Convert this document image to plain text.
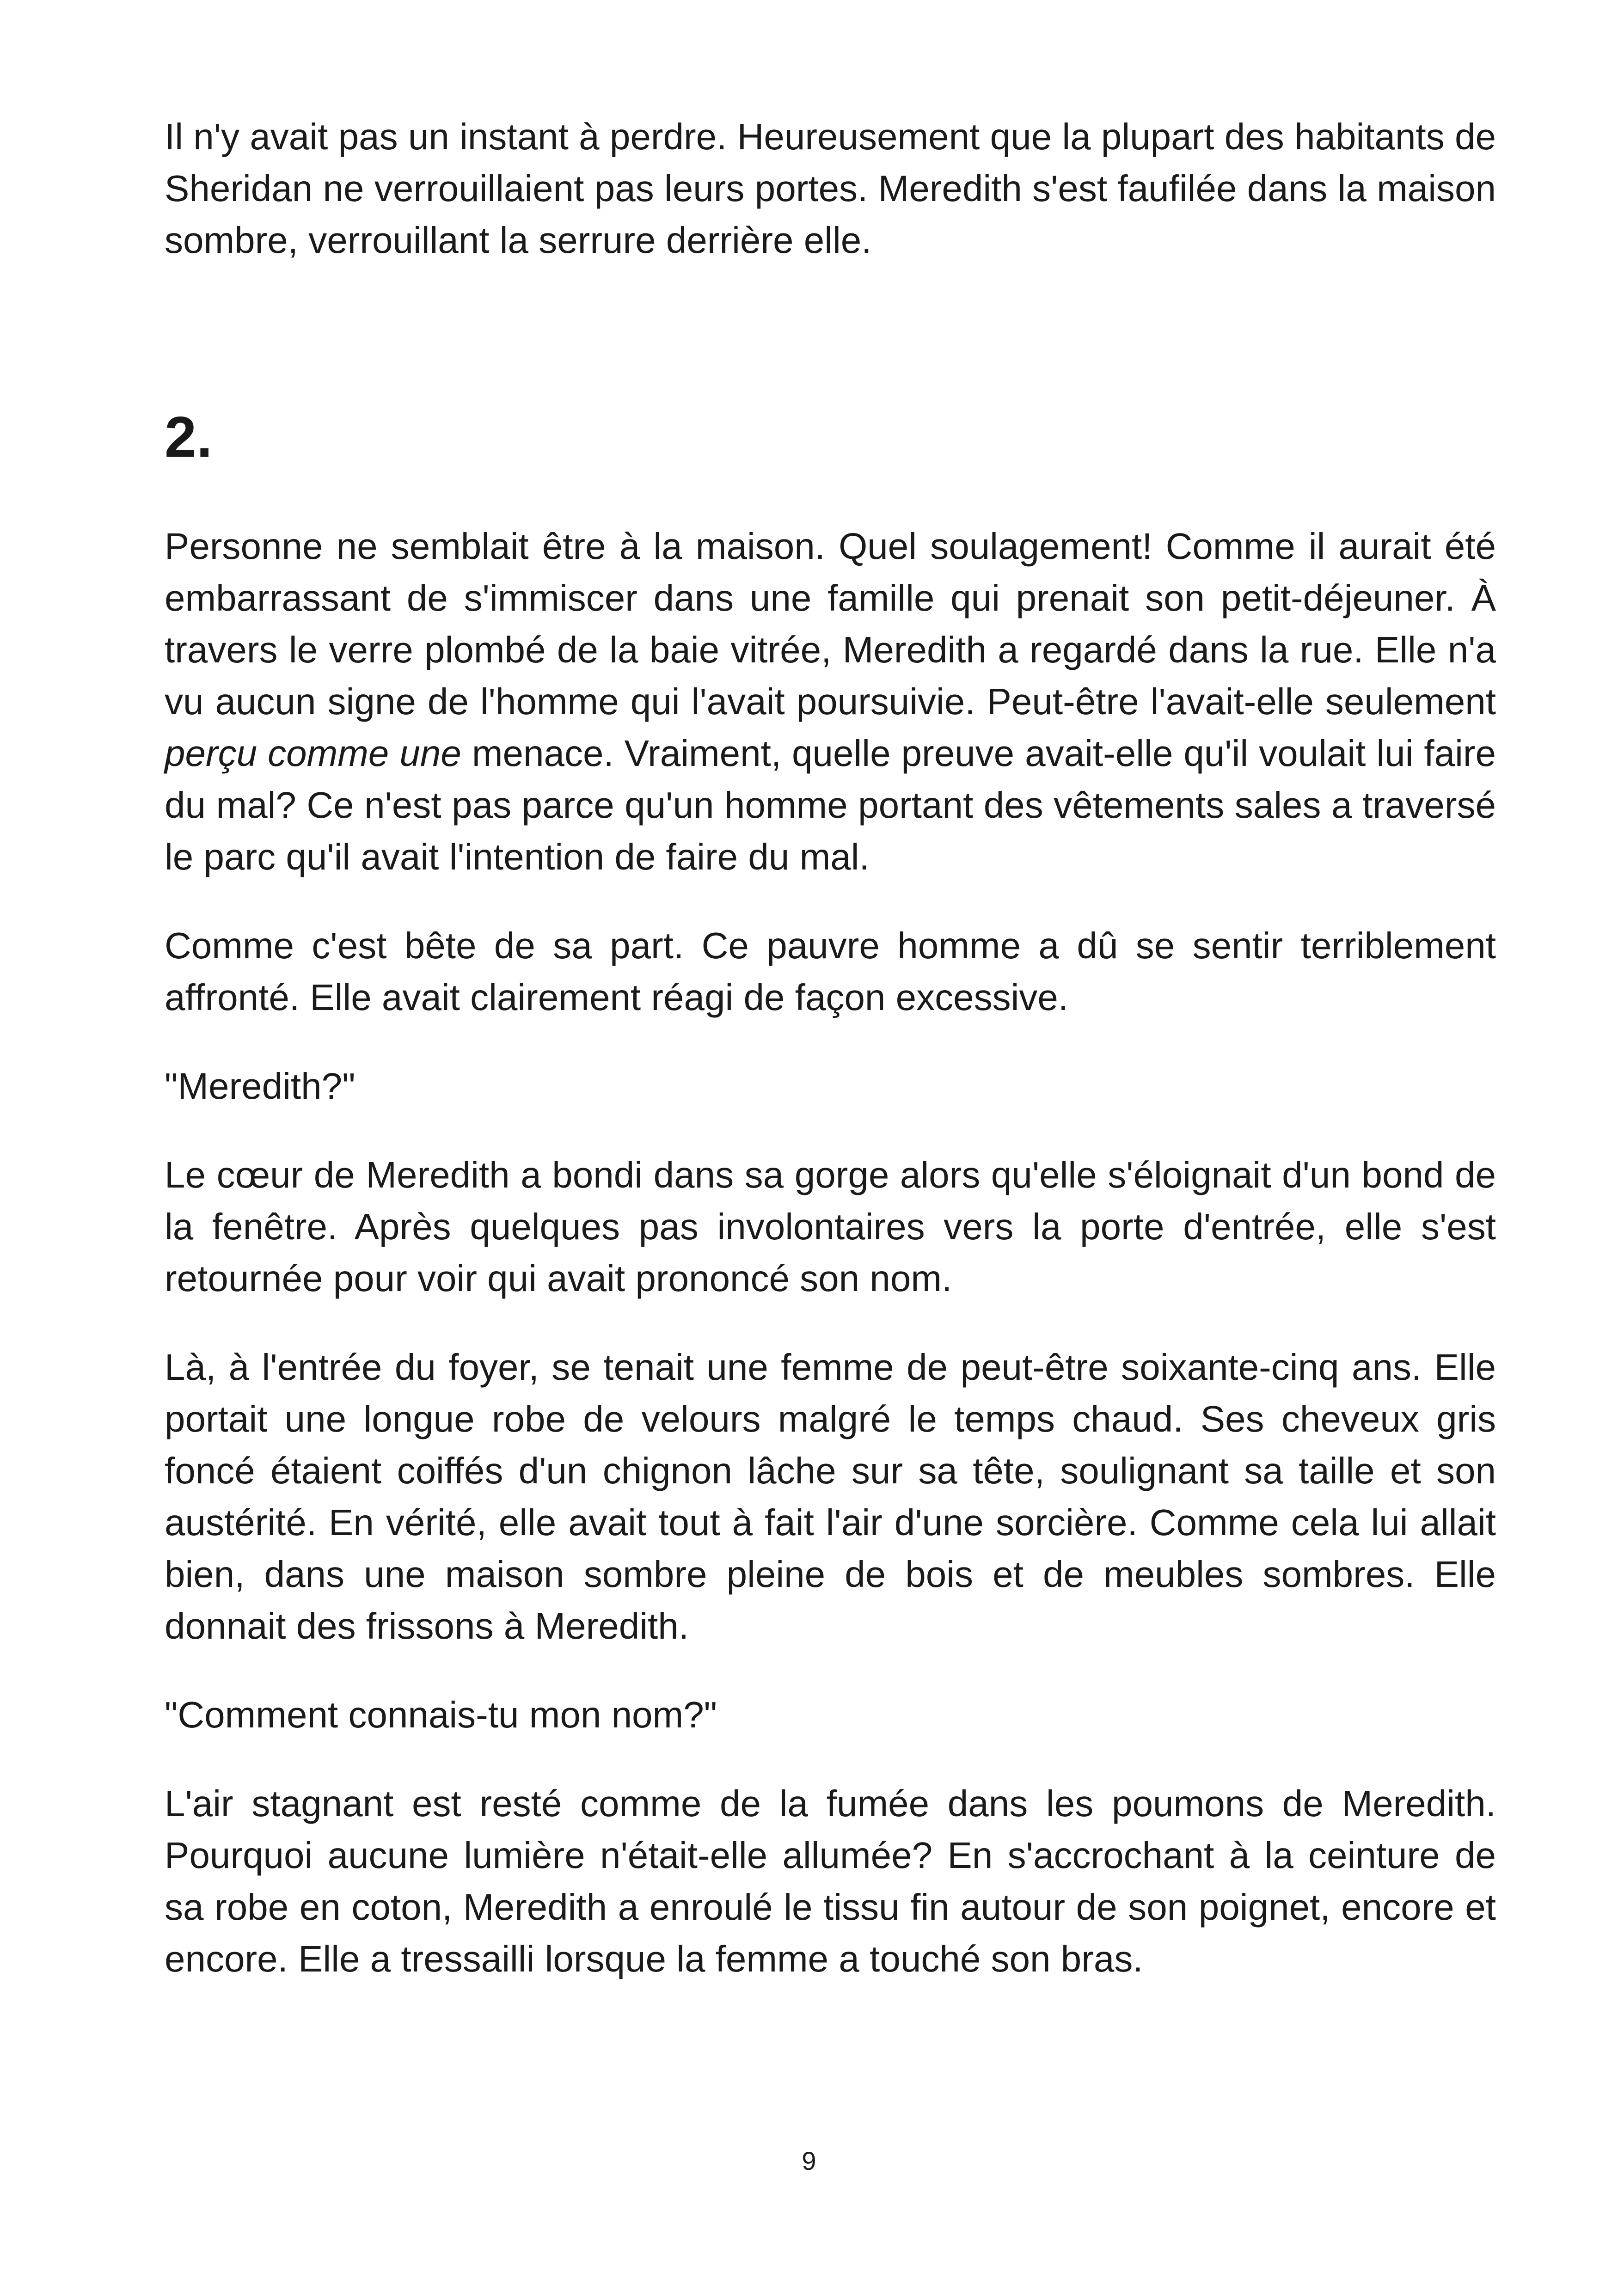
Il n'y avait pas un instant à perdre. Heureusement que la plupart des habitants de Sheridan ne verrouillaient pas leurs portes. Meredith s'est faufilée dans la maison sombre, verrouillant la serrure derrière elle.

2.

Personne ne semblait être à la maison. Quel soulagement! Comme il aurait été embarrassant de s'immiscer dans une famille qui prenait son petit-déjeuner. À travers le verre plombé de la baie vitrée, Meredith a regardé dans la rue. Elle n'a vu aucun signe de l'homme qui l'avait poursuivie. Peut-être l'avait-elle seulement perçu comme une menace. Vraiment, quelle preuve avait-elle qu'il voulait lui faire du mal? Ce n'est pas parce qu'un homme portant des vêtements sales a traversé le parc qu'il avait l'intention de faire du mal.

Comme c'est bête de sa part. Ce pauvre homme a dû se sentir terriblement affronté. Elle avait clairement réagi de façon excessive.

"Meredith?"

Le cœur de Meredith a bondi dans sa gorge alors qu'elle s'éloignait d'un bond de la fenêtre. Après quelques pas involontaires vers la porte d'entrée, elle s'est retournée pour voir qui avait prononcé son nom.

Là, à l'entrée du foyer, se tenait une femme de peut-être soixante-cinq ans. Elle portait une longue robe de velours malgré le temps chaud. Ses cheveux gris foncé étaient coiffés d'un chignon lâche sur sa tête, soulignant sa taille et son austérité. En vérité, elle avait tout à fait l'air d'une sorcière. Comme cela lui allait bien, dans une maison sombre pleine de bois et de meubles sombres. Elle donnait des frissons à Meredith.

"Comment connais-tu mon nom?"

L'air stagnant est resté comme de la fumée dans les poumons de Meredith. Pourquoi aucune lumière n'était-elle allumée? En s'accrochant à la ceinture de sa robe en coton, Meredith a enroulé le tissu fin autour de son poignet, encore et encore. Elle a tressailli lorsque la femme a touché son bras.

9
